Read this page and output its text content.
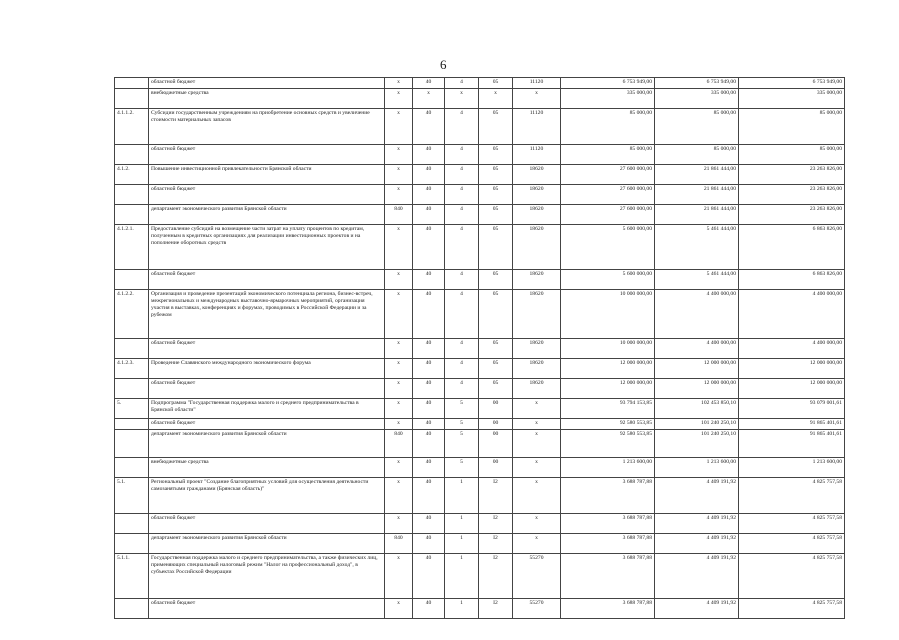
6
	областной бюджет	х	40	4	05	11120	6 753 949,00	6 753 949,00	6 753 949,00
	внебюджетные средства	х	х	х	х	х	335 000,00	335 000,00	335 000,00
4.1.1.2.	Субсидии государственным учреждениям на приобретение основных средств и увеличение стоимости материальных запасов	х	40	4	05	11120	85 000,00	85 000,00	85 000,00
	областной бюджет	х	40	4	05	11120	85 000,00	85 000,00	85 000,00
4.1.2.	Повышение инвестиционной привлекательности Брянской области	х	40	4	05	18620	27 600 000,00	21 861 444,00	23 263 826,00
	областной бюджет	х	40	4	05	18620	27 600 000,00	21 861 444,00	23 263 826,00
	департамент экономического развития Брянской области	840	40	4	05	18620	27 600 000,00	21 861 444,00	23 263 826,00
4.1.2.1.	Предоставление субсидий на возмещение части затрат на уплату процентов по кредитам, полученным в кредитных организациях для реализации инвестиционных проектов и на пополнение оборотных средств	х	40	4	05	18620	5 600 000,00	5 461 444,00	6 863 826,00
	областной бюджет	х	40	4	05	18620	5 600 000,00	5 461 444,00	6 863 826,00
4.1.2.2.	Организация и проведение презентаций экономического потенциала региона, бизнес-встреч, межрегиональных и международных выставочно-ярмарочных мероприятий, организация участия в выставках, конференциях и форумах, проводимых в Российской Федерации и за рубежом	х	40	4	05	18620	10 000 000,00	4 400 000,00	4 400 000,00
	областной бюджет	х	40	4	05	18620	10 000 000,00	4 400 000,00	4 400 000,00
4.1.2.3.	Проведение Славянского международного экономического форума	х	40	4	05	18620	12 000 000,00	12 000 000,00	12 000 000,00
	областной бюджет	х	40	4	05	18620	12 000 000,00	12 000 000,00	12 000 000,00
5.	Подпрограмма "Государственная поддержка малого и среднего предпринимательства в Брянской области"	х	40	5	00	х	93 794 153,85	102 453 850,10	93 079 001,61
	областной бюджет	х	40	5	00	х	92 580 553,85	101 240 250,10	91 865 401,61
	департамент экономического развития Брянской области	840	40	5	00	х	92 580 553,85	101 240 250,10	91 865 401,61
	внебюджетные средства	х	40	5	00	х	1 213 600,00	1 213 600,00	1 213 600,00
5.1.	Региональный проект "Создание благоприятных условий для осуществления деятельности самозанятыми гражданами (Брянская область)"	х	40	1	I2	х	3 688 787,88	4 409 191,92	4 825 757,58
	областной бюджет	х	40	1	I2	х	3 688 787,88	4 409 191,92	4 825 757,58
	департамент экономического развития Брянской области	840	40	1	I2	х	3 688 787,88	4 409 191,92	4 825 757,58
5.1.1.	Государственная поддержка малого и среднего предпринимательства, а также физических лиц, применяющих специальный налоговый режим "Налог на профессиональный доход", в субъектах Российской Федерации	х	40	1	I2	55270	3 688 787,88	4 409 191,92	4 825 757,58
	областной бюджет	х	40	1	I2	55270	3 688 787,88	4 409 191,92	4 825 757,58
